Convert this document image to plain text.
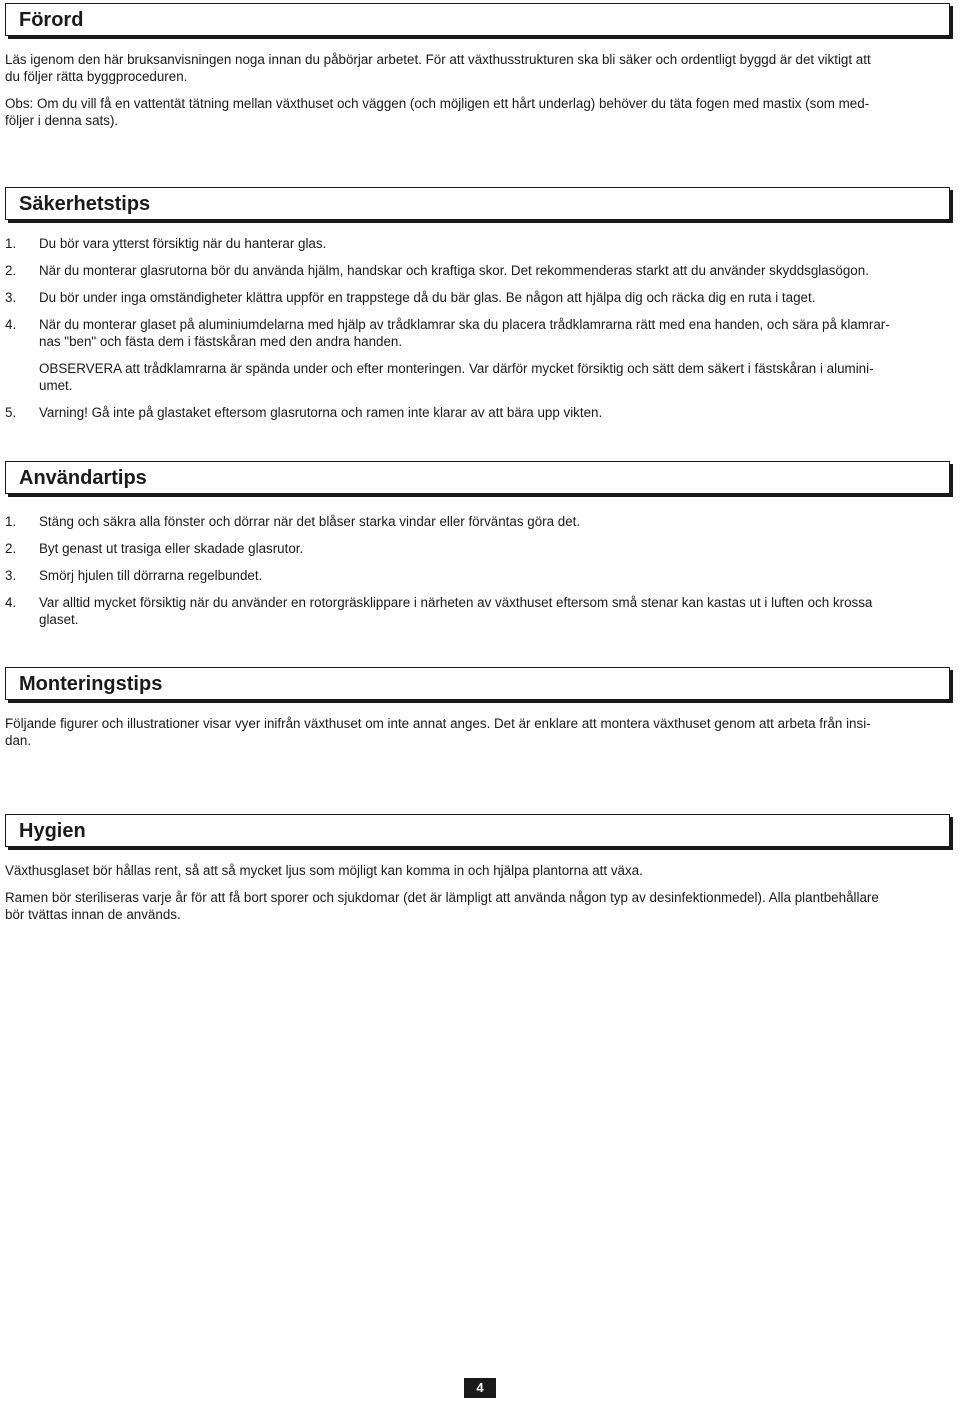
Förord

Läs igenom den här bruksanvisningen noga innan du påbörjar arbetet. För att växthusstrukturen ska bli säker och ordentligt byggd är det viktigt att
du följer rätta byggproceduren.

Obs: Om du vill få en vattentät tätning mellan växthuset och väggen (och möjligen ett hårt underlag) behöver du täta fogen med mastix (som med-
följer i denna sats).

Säkerhetstips
1.	Du bör vara ytterst försiktig när du hanterar glas.
2.	När du monterar glasrutorna bör du använda hjälm, handskar och kraftiga skor. Det rekommenderas starkt att du använder skyddsglasögon.
3.	Du bör under inga omständigheter klättra uppför en trappstege då du bär glas. Be någon att hjälpa dig och räcka dig en ruta i taget.
4.	När du monterar glaset på aluminiumdelarna med hjälp av trådklamrar ska du placera trådklamrarna rätt med ena handen, och sära på klamrar-
nas "ben" och fästa dem i fästskåran med den andra handen.
OBSERVERA att trådklamrarna är spända under och efter monteringen. Var därför mycket försiktig och sätt dem säkert i fästskåran i alumini-
umet.
5.	Varning! Gå inte på glastaket eftersom glasrutorna och ramen inte klarar av att bära upp vikten.
Användartips
1.	Stäng och säkra alla fönster och dörrar när det blåser starka vindar eller förväntas göra det.
2.	Byt genast ut trasiga eller skadade glasrutor.
3.	Smörj hjulen till dörrarna regelbundet.
4.	Var alltid mycket försiktig när du använder en rotorgräsklippare i närheten av växthuset eftersom små stenar kan kastas ut i luften och krossa
glaset.
Monteringstips

Följande figurer och illustrationer visar vyer inifrån växthuset om inte annat anges. Det är enklare att montera växthuset genom att arbeta från insi-
dan.

Hygien

Växthusglaset bör hållas rent, så att så mycket ljus som möjligt kan komma in och hjälpa plantorna att växa.

Ramen bör steriliseras varje år för att få bort sporer och sjukdomar (det är lämpligt att använda någon typ av desinfektionmedel). Alla plantbehållare
bör tvättas innan de används.

4
